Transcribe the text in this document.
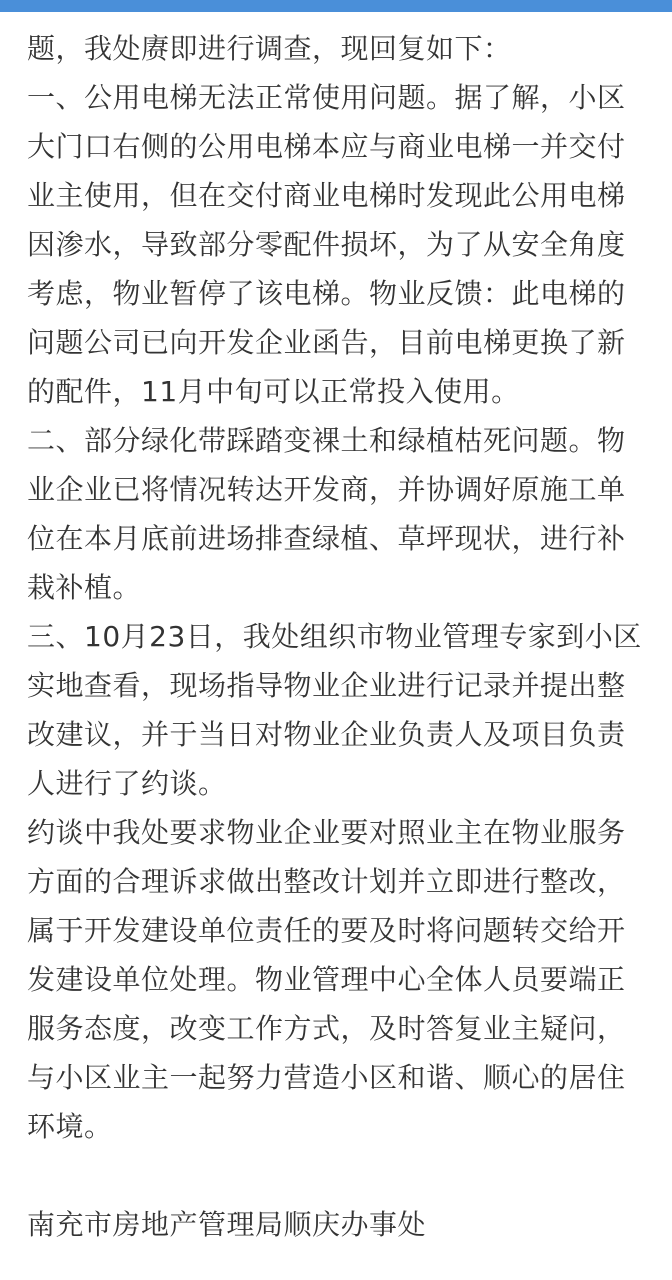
题，我处赓即进行调查，现回复如下：

一、公用电梯无法正常使用问题。据了解，小区大门口右侧的公用电梯本应与商业电梯一并交付业主使用，但在交付商业电梯时发现此公用电梯因渗水，导致部分零配件损坏，为了从安全角度考虑，物业暂停了该电梯。物业反馈：此电梯的问题公司已向开发企业函告，目前电梯更换了新的配件，11月中旬可以正常投入使用。

二、部分绿化带踩踏变裸土和绿植枯死问题。物业企业已将情况转达开发商，并协调好原施工单位在本月底前进场排查绿植、草坪现状，进行补栽补植。

三、10月23日，我处组织市物业管理专家到小区实地查看，现场指导物业企业进行记录并提出整改建议，并于当日对物业企业负责人及项目负责人进行了约谈。

约谈中我处要求物业企业要对照业主在物业服务方面的合理诉求做出整改计划并立即进行整改，属于开发建设单位责任的要及时将问题转交给开发建设单位处理。物业管理中心全体人员要端正服务态度，改变工作方式，及时答复业主疑问，与小区业主一起努力营造小区和谐、顺心的居住环境。

南充市房地产管理局顺庆办事处
